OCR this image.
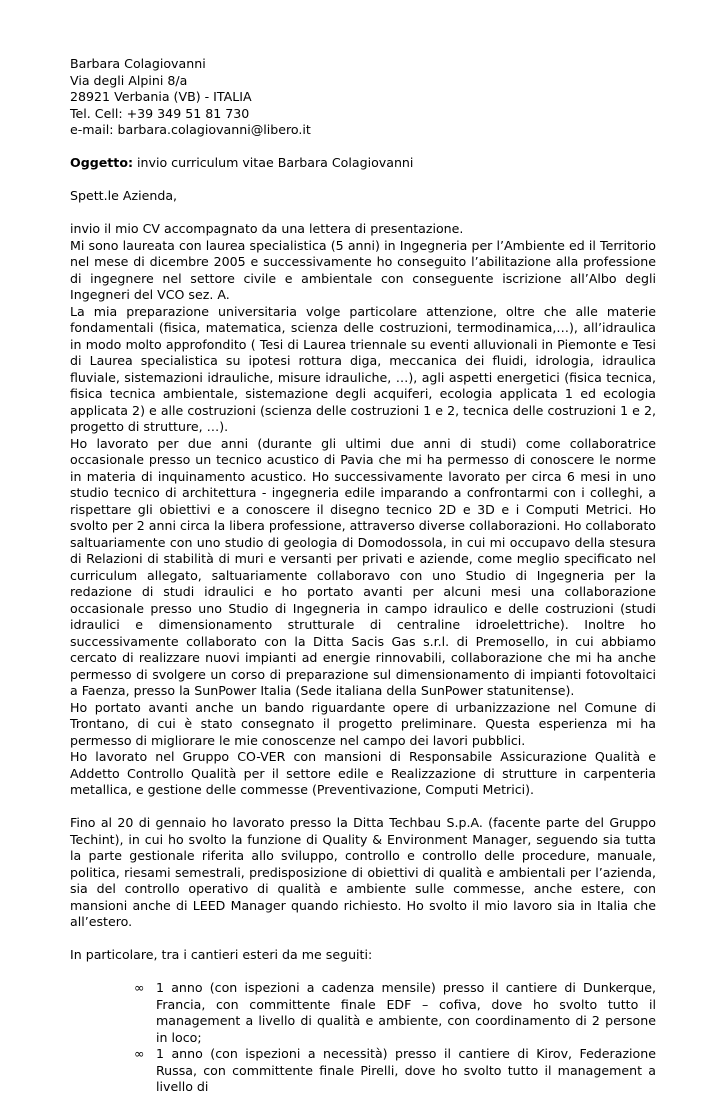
Barbara Colagiovanni
Via degli Alpini 8/a
28921 Verbania (VB) - ITALIA
Tel. Cell: +39 349 51 81 730
e-mail: barbara.colagiovanni@libero.it
Oggetto: invio curriculum vitae Barbara Colagiovanni
Spett.le Azienda,

invio il mio CV accompagnato da una lettera di presentazione.

Mi sono laureata con laurea specialistica (5 anni) in Ingegneria per l’Ambiente ed il Territorio nel mese di dicembre 2005 e successivamente ho conseguito l’abilitazione alla professione di ingegnere nel settore civile e ambientale con conseguente iscrizione all’Albo degli Ingegneri del VCO sez. A.

La mia preparazione universitaria volge particolare attenzione, oltre che alle materie fondamentali (fisica, matematica, scienza delle costruzioni, termodinamica,…), all’idraulica in modo molto approfondito ( Tesi di Laurea triennale su eventi alluvionali in Piemonte e Tesi di Laurea specialistica su ipotesi rottura diga, meccanica dei fluidi, idrologia, idraulica fluviale, sistemazioni idrauliche, misure idrauliche, …), agli aspetti energetici (fisica tecnica, fisica tecnica ambientale, sistemazione degli acquiferi, ecologia applicata 1 ed ecologia applicata 2) e alle costruzioni (scienza delle costruzioni 1 e 2, tecnica delle costruzioni 1 e 2, progetto di strutture, …).

Ho lavorato per due anni (durante gli ultimi due anni di studi) come collaboratrice occasionale presso un tecnico acustico di Pavia che mi ha permesso di conoscere le norme in materia di inquinamento acustico. Ho successivamente lavorato per circa 6 mesi in uno studio tecnico di architettura - ingegneria edile imparando a confrontarmi con i colleghi, a rispettare gli obiettivi e a conoscere il disegno tecnico 2D e 3D e i Computi Metrici. Ho svolto per 2 anni circa la libera professione, attraverso diverse collaborazioni. Ho collaborato saltuariamente con uno studio di geologia di Domodossola, in cui mi occupavo della stesura di Relazioni di stabilità di muri e versanti per privati e aziende, come meglio specificato nel curriculum allegato, saltuariamente collaboravo con uno Studio di Ingegneria per la redazione di studi idraulici e ho portato avanti per alcuni mesi una collaborazione occasionale presso uno Studio di Ingegneria in campo idraulico e delle costruzioni (studi idraulici e dimensionamento strutturale di centraline idroelettriche). Inoltre ho successivamente collaborato con la Ditta Sacis Gas s.r.l. di Premosello, in cui abbiamo cercato di realizzare nuovi impianti ad energie rinnovabili, collaborazione che mi ha anche permesso di svolgere un corso di preparazione sul dimensionamento di impianti fotovoltaici a Faenza, presso la SunPower Italia (Sede italiana della SunPower statunitense).

Ho portato avanti anche un bando riguardante opere di urbanizzazione nel Comune di Trontano, di cui è stato consegnato il progetto preliminare. Questa esperienza mi ha permesso di migliorare le mie conoscenze nel campo dei lavori pubblici.

Ho lavorato nel Gruppo CO-VER con mansioni di Responsabile Assicurazione Qualità e Addetto Controllo Qualità per il settore edile e Realizzazione di strutture in carpenteria metallica, e gestione delle commesse (Preventivazione, Computi Metrici).

Fino al 20 di gennaio ho lavorato presso la Ditta Techbau S.p.A. (facente parte del Gruppo Techint), in cui ho svolto la funzione di Quality & Environment Manager, seguendo sia tutta la parte gestionale riferita allo sviluppo, controllo e controllo delle procedure, manuale, politica, riesami semestrali, predisposizione di obiettivi di qualità e ambientali per l’azienda, sia del controllo operativo di qualità e ambiente sulle commesse, anche estere, con mansioni anche di LEED Manager quando richiesto. Ho svolto il mio lavoro sia in Italia che all’estero.

In particolare, tra i cantieri esteri da me seguiti:
∞ 1 anno (con ispezioni a cadenza mensile) presso il cantiere di Dunkerque, Francia, con committente finale EDF – cofiva, dove ho svolto tutto il management a livello di qualità e ambiente, con coordinamento di 2 persone in loco;
∞ 1 anno (con ispezioni a necessità) presso il cantiere di Kirov, Federazione Russa, con committente finale Pirelli, dove ho svolto tutto il management a livello di
